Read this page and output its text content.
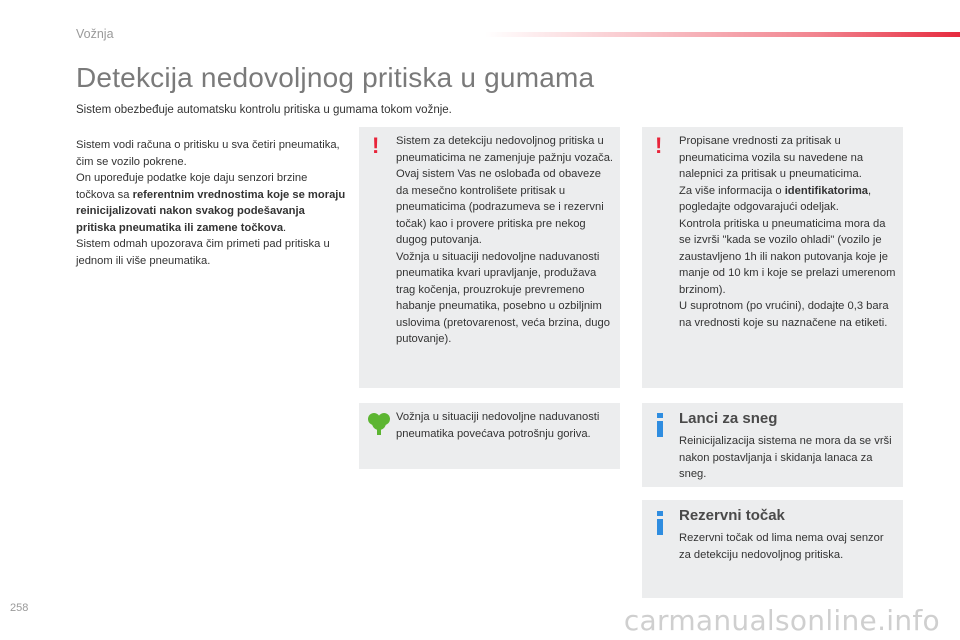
Vožnja
Detekcija nedovoljnog pritiska u gumama
Sistem obezbeđuje automatsku kontrolu pritiska u gumama tokom vožnje.

Sistem vodi računa o pritisku u sva četiri pneumatika, čim se vozilo pokrene.

On upoređuje podatke koje daju senzori brzine točkova sa referentnim vrednostima koje se moraju reinicijalizovati nakon svakog podešavanja pritiska pneumatika ili zamene točkova.

Sistem odmah upozorava čim primeti pad pritiska u jednom ili više pneumatika.

! Sistem za detekciju nedovoljnog pritiska u pneumaticima ne zamenjuje pažnju vozača.

Ovaj sistem Vas ne oslobađa od obaveze da mesečno kontrolišete pritisak u pneumaticima (podrazumeva se i rezervni točak) kao i provere pritiska pre nekog dugog putovanja.

Vožnja u situaciji nedovoljne naduvanosti pneumatika kvari upravljanje, produžava trag kočenja, prouzrokuje prevremeno habanje pneumatika, posebno u ozbiljnim uslovima (pretovarenost, veća brzina, dugo putovanje).

! Propisane vrednosti za pritisak u pneumaticima vozila su navedene na nalepnici za pritisak u pneumaticima.

Za više informacija o identifikatorima, pogledajte odgovarajući odeljak.

Kontrola pritiska u pneumaticima mora da se izvrši "kada se vozilo ohladi" (vozilo je zaustavljeno 1h ili nakon putovanja koje je manje od 10 km i koje se prelazi umerenom brzinom).

U suprotnom (po vrućini), dodajte 0,3 bara na vrednosti koje su naznačene na etiketi.

Vožnja u situaciji nedovoljne naduvanosti pneumatika povećava potrošnju goriva.

Lanci za sneg

Reinicijalizacija sistema ne mora da se vrši nakon postavljanja i skidanja lanaca za sneg.

Rezervni točak

Rezervni točak od lima nema ovaj senzor za detekciju nedovoljnog pritiska.

258	carmanualsonline.info
